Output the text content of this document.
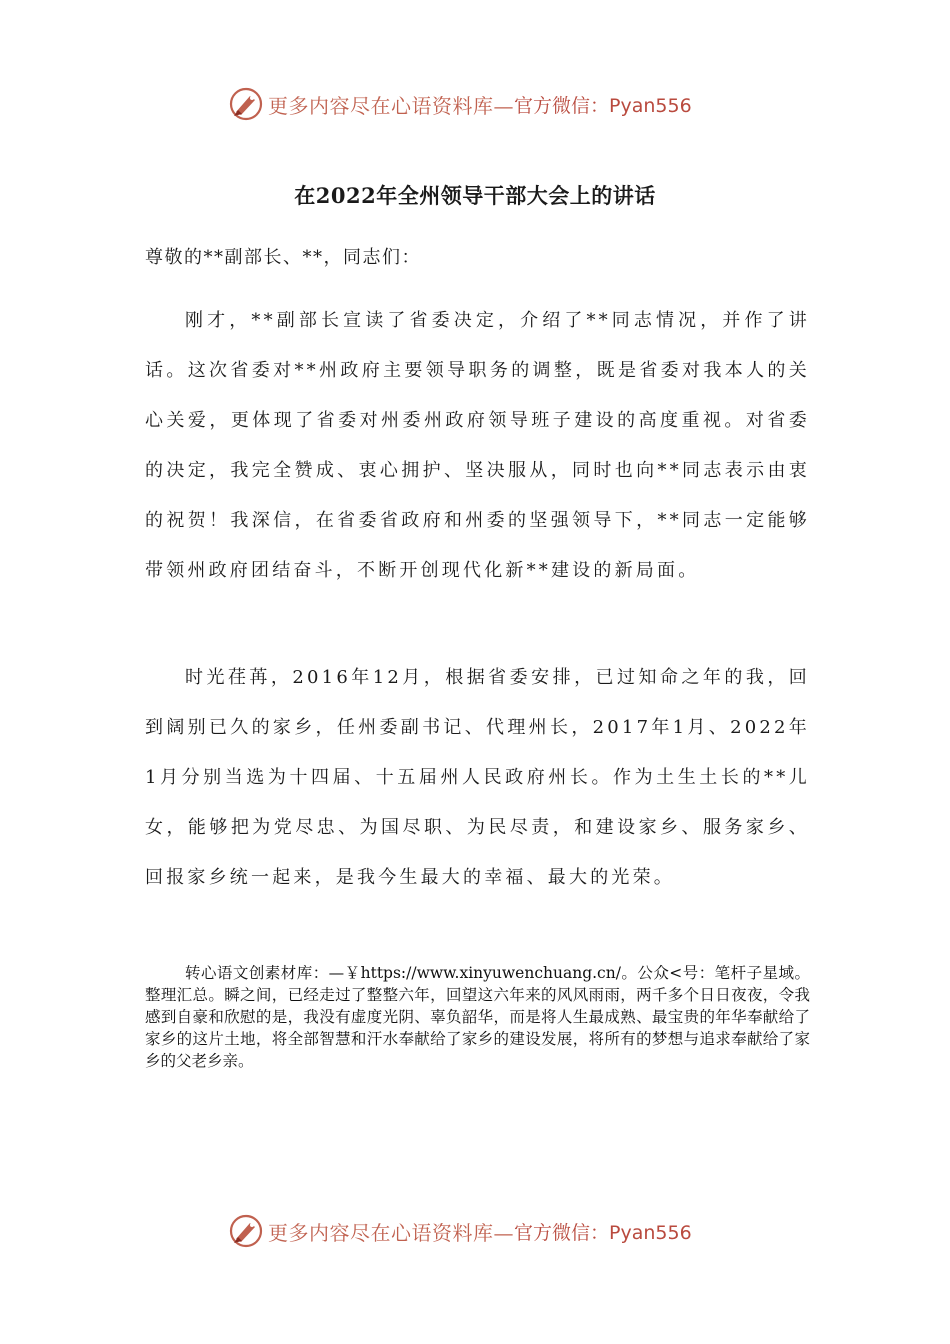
更多内容尽在心语资料库— 官方微信：Pyan556
在2022年全州领导干部大会上的讲话
尊敬的**副部长、**，同志们：

刚才，**副部长宣读了省委决定，介绍了**同志情况，并作了讲话。这次省委对**州政府主要领导职务的调整，既是省委对我本人的关心关爱，更体现了省委对州委州政府领导班子建设的高度重视。对省委的决定，我完全赞成、衷心拥护、坚决服从，同时也向**同志表示由衷的祝贺！我深信，在省委省政府和州委的坚强领导下，**同志一定能够带领州政府团结奋斗，不断开创现代化新**建设的新局面。

时光荏苒，2016年12月，根据省委安排，已过知命之年的我，回到阔别已久的家乡，任州委副书记、代理州长，2017年1月、2022年1月分别当选为十四届、十五届州人民政府州长。作为土生土长的**儿女，能够把为党尽忠、为国尽职、为民尽责，和建设家乡、服务家乡、回报家乡统一起来，是我今生最大的幸福、最大的光荣。

转心语文创素材库：—￥https://www.xinyuwenchuang.cn/。公众<号：笔杆子星域。整理汇总。瞬之间，已经走过了整整六年，回望这六年来的风风雨雨，两千多个日日夜夜，令我感到自豪和欣慰的是，我没有虚度光阴、辜负韶华，而是将人生最成熟、最宝贵的年华奉献给了家乡的这片土地，将全部智慧和汗水奉献给了家乡的建设发展，将所有的梦想与追求奉献给了家乡的父老乡亲。

更多内容尽在心语资料库— 官方微信：Pyan556
